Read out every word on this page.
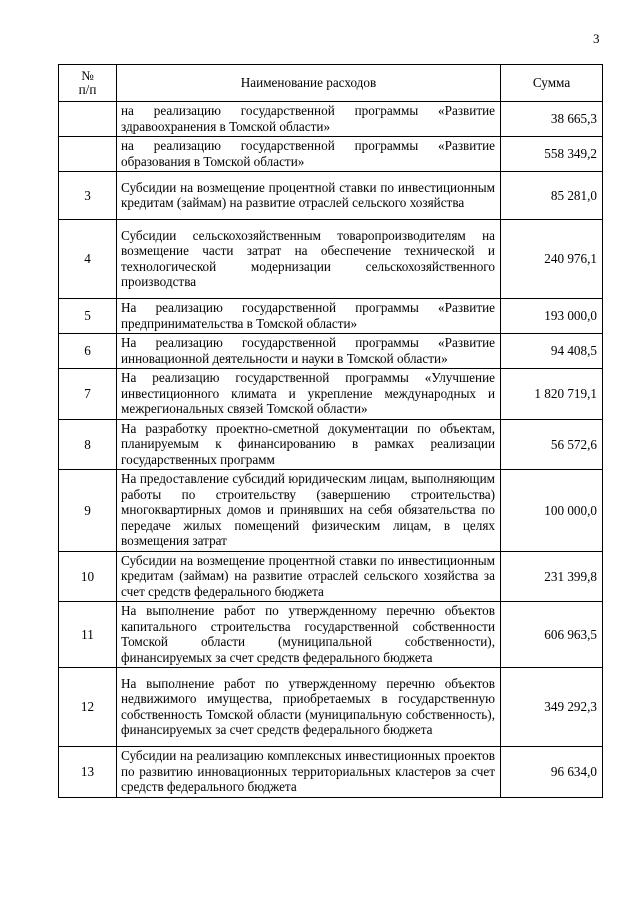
3
№
п/п	Наименование расходов	Сумма
	на реализацию государственной программы «Развитие здравоохранения в Томской области»	38 665,3
	на реализацию государственной программы «Развитие образования в Томской области»	558 349,2
3	Субсидии на возмещение процентной ставки по инвестиционным кредитам (займам) на развитие отраслей сельского хозяйства	85 281,0
4	Субсидии сельскохозяйственным товаропроизводителям на возмещение части затрат на обеспечение технической и технологической модернизации сельскохозяйственного производства	240 976,1
5	На реализацию государственной программы «Развитие предпринимательства в Томской области»	193 000,0
6	На реализацию государственной программы «Развитие инновационной деятельности и науки в Томской области»	94 408,5
7	На реализацию государственной программы «Улучшение инвестиционного климата и укрепление международных и межрегиональных связей Томской области»	1 820 719,1
8	На разработку проектно-сметной документации по объектам, планируемым к финансированию в рамках реализации государственных программ	56 572,6
9	На предоставление субсидий юридическим лицам, выполняющим работы по строительству (завершению строительства) многоквартирных домов и принявших на себя обязательства по передаче жилых помещений физическим лицам, в целях возмещения затрат	100 000,0
10	Субсидии на возмещение процентной ставки по инвестиционным кредитам (займам) на развитие отраслей сельского хозяйства за счет средств федерального бюджета	231 399,8
11	На выполнение работ по утвержденному перечню объектов капитального строительства государственной собственности Томской области (муниципальной собственности), финансируемых за счет средств федерального бюджета	606 963,5
12	На выполнение работ по утвержденному перечню объектов недвижимого имущества, приобретаемых в государственную собственность Томской области (муниципальную собственность), финансируемых за счет средств федерального бюджета	349 292,3
13	Субсидии на реализацию комплексных инвестиционных проектов по развитию инновационных территориальных кластеров за счет средств федерального бюджета	96 634,0
